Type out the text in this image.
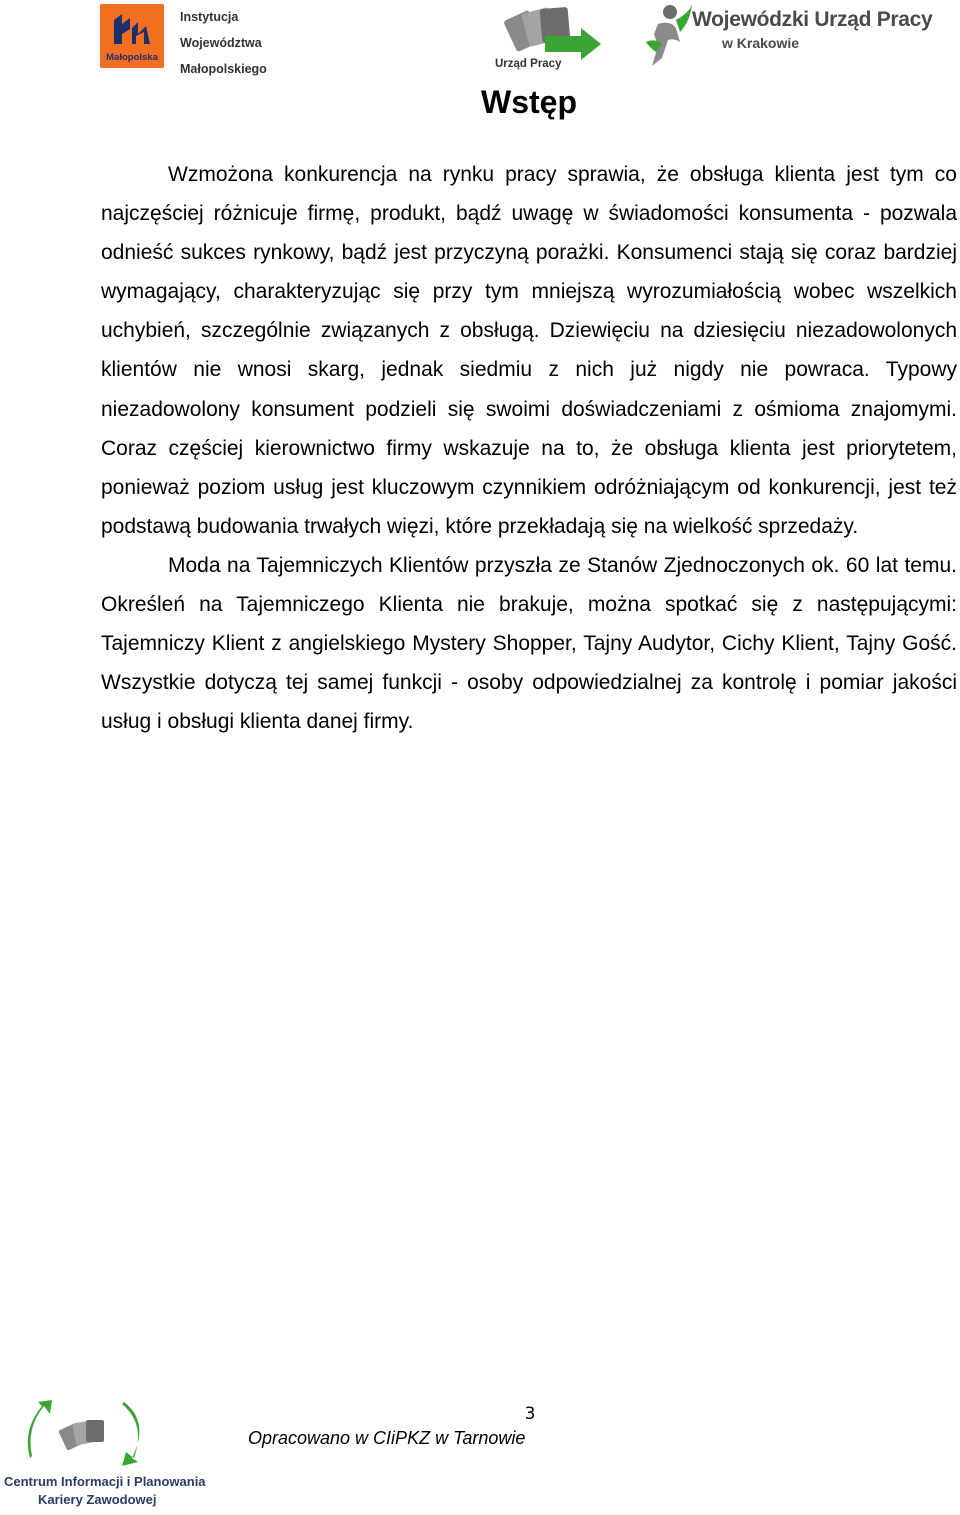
Małopolska
Instytucja
Województwa
Małopolskiego	Urząd Pracy
Wojewódzki Urząd Pracy
w Krakowie
Wstęp

Wzmożona konkurencja na rynku pracy sprawia, że obsługa klienta jest tym co najczęściej różnicuje firmę, produkt, bądź uwagę w świadomości konsumenta - pozwala odnieść sukces rynkowy, bądź jest przyczyną porażki. Konsumenci stają się coraz bardziej wymagający, charakteryzując się przy tym mniejszą wyrozumiałością wobec wszelkich uchybień, szczególnie związanych z obsługą. Dziewięciu na dziesięciu niezadowolonych klientów nie wnosi skarg, jednak siedmiu z nich już nigdy nie powraca. Typowy niezadowolony konsument podzieli się swoimi doświadczeniami z ośmioma znajomymi. Coraz częściej kierownictwo firmy wskazuje na to, że obsługa klienta jest priorytetem, ponieważ poziom usług jest kluczowym czynnikiem odróżniającym od konkurencji, jest też podstawą budowania trwałych więzi, które przekładają się na wielkość sprzedaży.

Moda na Tajemniczych Klientów przyszła ze Stanów Zjednoczonych ok. 60 lat temu. Określeń na Tajemniczego Klienta nie brakuje, można spotkać się z następującymi: Tajemniczy Klient z angielskiego Mystery Shopper, Tajny Audytor, Cichy Klient, Tajny Gość. Wszystkie dotyczą tej samej funkcji - osoby odpowiedzialnej za kontrolę i pomiar jakości usług i obsługi klienta danej firmy.

Centrum Informacji i Planowania
Kariery Zawodowej
3
Opracowano w CIiPKZ w Tarnowie
